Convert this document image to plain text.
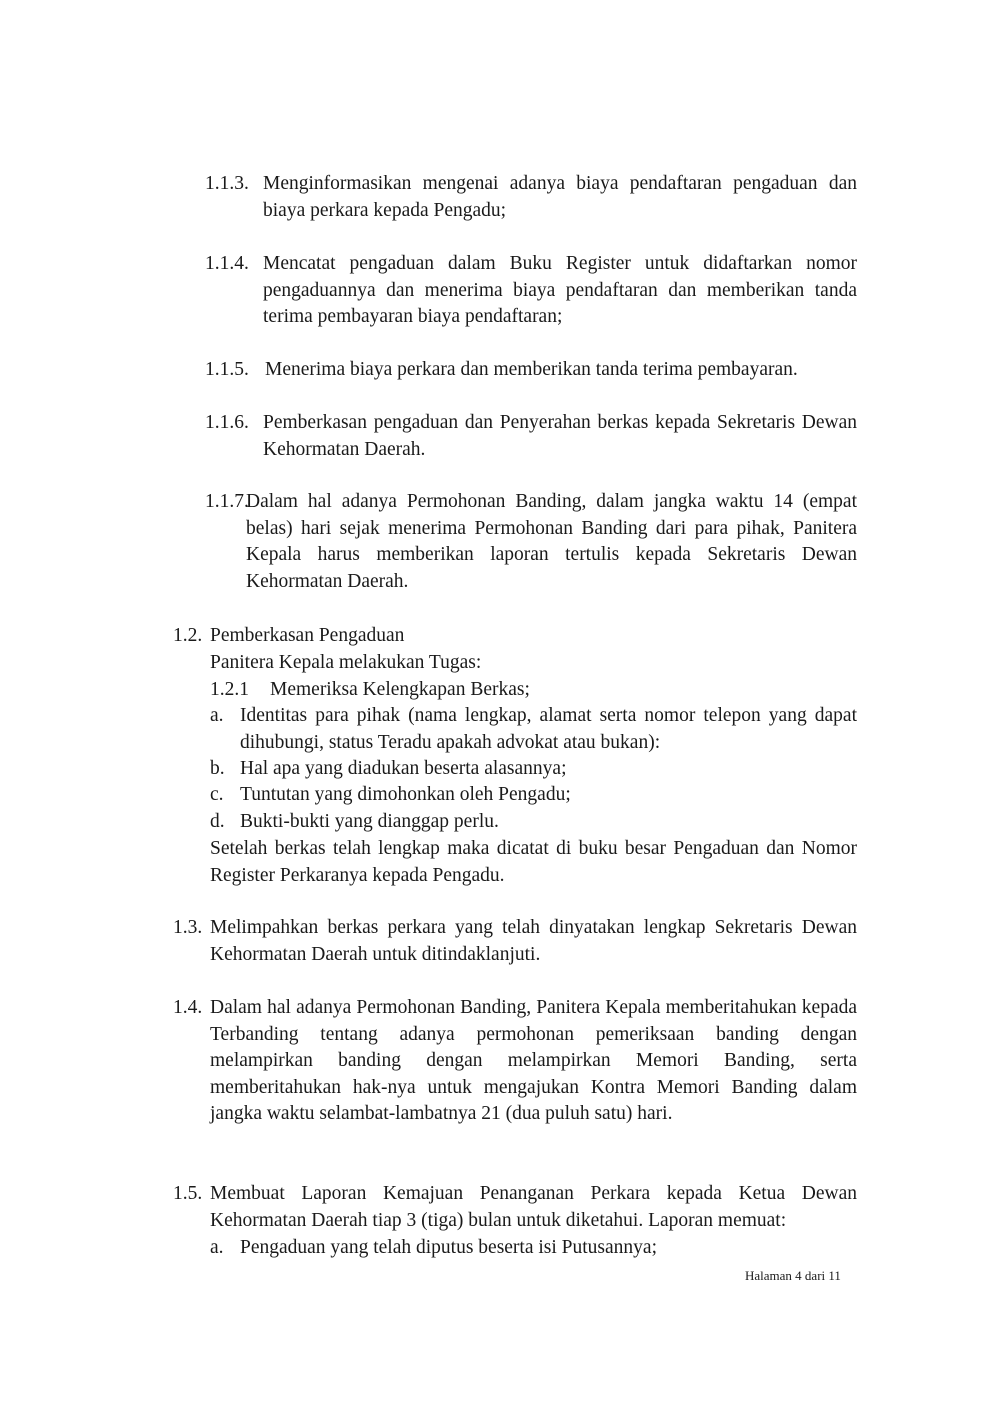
1.1.3. Menginformasikan mengenai adanya biaya pendaftaran pengaduan dan biaya perkara kepada Pengadu;
1.1.4. Mencatat pengaduan dalam Buku Register untuk didaftarkan nomor pengaduannya dan menerima biaya pendaftaran dan memberikan tanda terima pembayaran biaya pendaftaran;
1.1.5. Menerima biaya perkara dan memberikan tanda terima pembayaran.
1.1.6. Pemberkasan pengaduan dan Penyerahan berkas kepada Sekretaris Dewan Kehormatan Daerah.
1.1.7.
Dalam hal adanya Permohonan Banding, dalam jangka waktu 14 (empat belas) hari sejak menerima Permohonan Banding dari para pihak, Panitera Kepala harus memberikan laporan tertulis kepada Sekretaris Dewan Kehormatan Daerah.
1.2. Pemberkasan Pengaduan
Panitera Kepala melakukan Tugas:
1.2.1 Memeriksa Kelengkapan Berkas;
a. Identitas para pihak (nama lengkap, alamat serta nomor telepon yang dapat dihubungi, status Teradu apakah advokat atau bukan):
b. Hal apa yang diadukan beserta alasannya;
c. Tuntutan yang dimohonkan oleh Pengadu;
d. Bukti-bukti yang dianggap perlu.
Setelah berkas telah lengkap maka dicatat di buku besar Pengaduan dan Nomor Register Perkaranya kepada Pengadu.
1.3. Melimpahkan berkas perkara yang telah dinyatakan lengkap Sekretaris Dewan Kehormatan Daerah untuk ditindaklanjuti.
1.4. Dalam hal adanya Permohonan Banding, Panitera Kepala memberitahukan kepada Terbanding tentang adanya permohonan pemeriksaan banding dengan melampirkan banding dengan melampirkan Memori Banding, serta memberitahukan hak-nya untuk mengajukan Kontra Memori Banding dalam jangka waktu selambat-lambatnya 21 (dua puluh satu) hari.
1.5. Membuat Laporan Kemajuan Penanganan Perkara kepada Ketua Dewan Kehormatan Daerah tiap 3 (tiga) bulan untuk diketahui. Laporan memuat:
a. Pengaduan yang telah diputus beserta isi Putusannya;
Halaman 4 dari 11
